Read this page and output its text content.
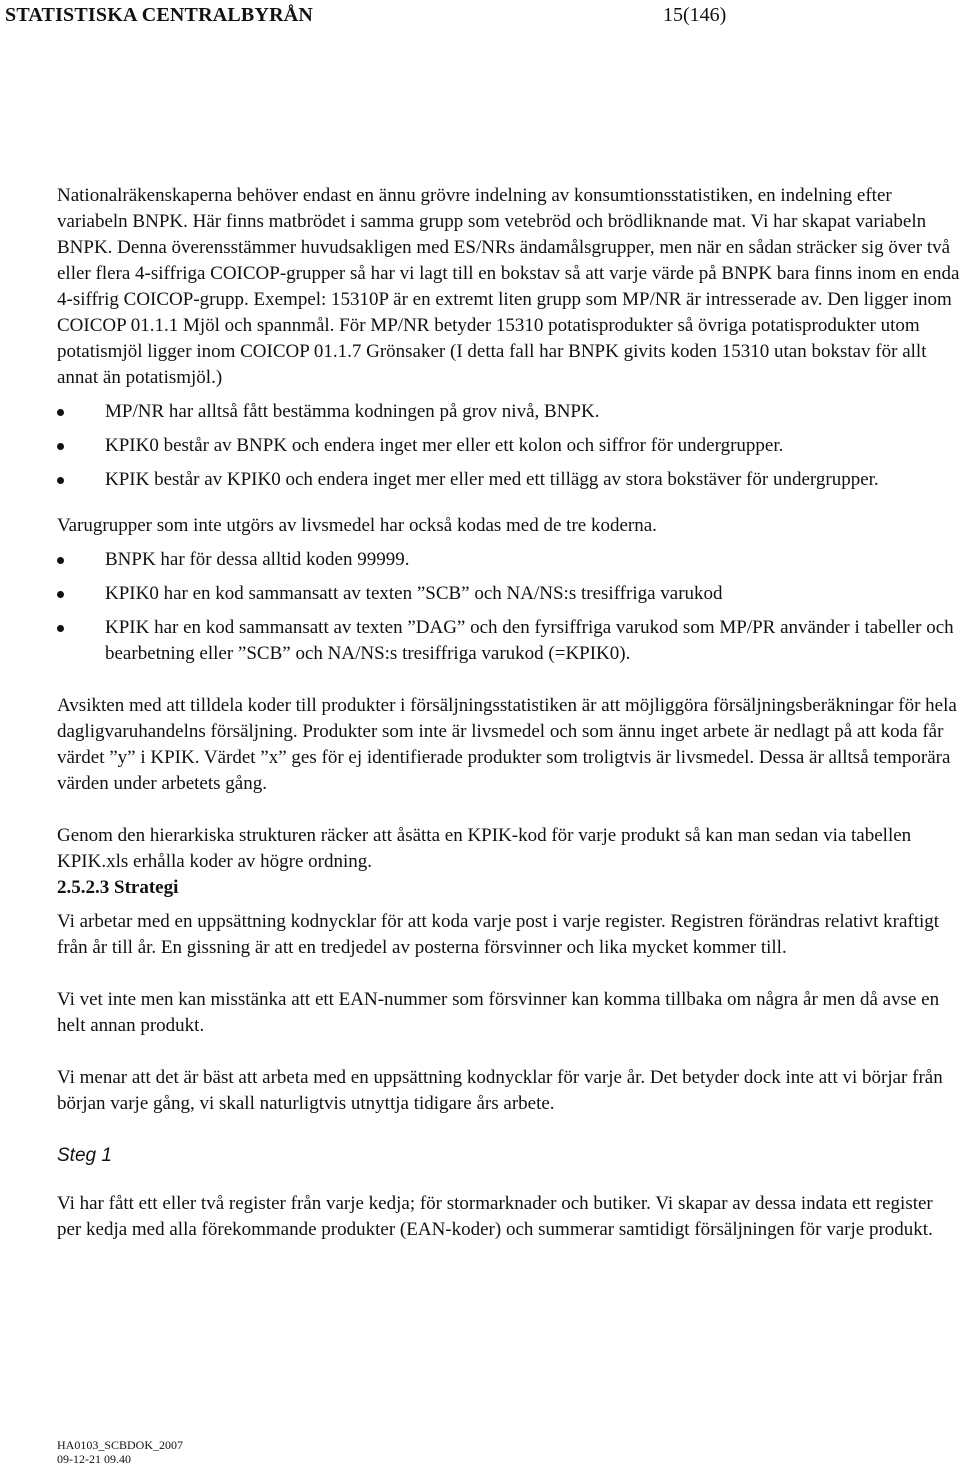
STATISTISKA CENTRALBYRÅN	15(146)

Nationalräkenskaperna behöver endast en ännu grövre indelning av konsumtionsstatistiken, en indelning efter variabeln BNPK. Här finns matbrödet i samma grupp som vetebröd och brödliknande mat. Vi har skapat variabeln BNPK. Denna överensstämmer huvudsakligen med ES/NRs ändamålsgrupper, men när en sådan sträcker sig över två eller flera 4-siffriga COICOP-grupper så har vi lagt till en bokstav så att varje värde på BNPK bara finns inom en enda 4-siffrig COICOP-grupp. Exempel: 15310P är en extremt liten grupp som MP/NR är intresserade av. Den ligger inom COICOP 01.1.1 Mjöl och spannmål. För MP/NR betyder 15310 potatisprodukter så övriga potatisprodukter utom potatismjöl ligger inom COICOP 01.1.7 Grönsaker (I detta fall har BNPK givits koden 15310 utan bokstav för allt annat än potatismjöl.)

MP/NR har alltså fått bestämma kodningen på grov nivå, BNPK.
KPIK0 består av BNPK och endera inget mer eller ett kolon och siffror för undergrupper.
KPIK består av KPIK0 och endera inget mer eller med ett tillägg av stora bokstäver för undergrupper.

Varugrupper som inte utgörs av livsmedel har också kodas med de tre koderna.

BNPK har för dessa alltid koden 99999.
KPIK0 har en kod sammansatt av texten ”SCB” och NA/NS:s tresiffriga varukod
KPIK har en kod sammansatt av texten ”DAG” och den fyrsiffriga varukod som MP/PR använder i tabeller och bearbetning eller ”SCB” och NA/NS:s tresiffriga varukod (=KPIK0).

Avsikten med att tilldela koder till produkter i försäljningsstatistiken är att möjliggöra försäljningsberäkningar för hela dagligvaruhandelns försäljning. Produkter som inte är livsmedel och som ännu inget arbete är nedlagt på att koda får värdet ”y” i KPIK. Värdet ”x” ges för ej identifierade produkter som troligtvis är livsmedel. Dessa är alltså temporära värden under arbetets gång.

Genom den hierarkiska strukturen räcker att åsätta en KPIK-kod för varje produkt så kan man sedan via tabellen KPIK.xls erhålla koder av högre ordning.

2.5.2.3 Strategi

Vi arbetar med en uppsättning kodnycklar för att koda varje post i varje register. Registren förändras relativt kraftigt från år till år. En gissning är att en tredjedel av posterna försvinner och lika mycket kommer till.

Vi vet inte men kan misstänka att ett EAN-nummer som försvinner kan komma tillbaka om några år men då avse en helt annan produkt.

Vi menar att det är bäst att arbeta med en uppsättning kodnycklar för varje år. Det betyder dock inte att vi börjar från början varje gång, vi skall naturligtvis utnyttja tidigare års arbete.

Steg 1

Vi har fått ett eller två register från varje kedja; för stormarknader och butiker. Vi skapar av dessa indata ett register per kedja med alla förekommande produkter (EAN-koder) och summerar samtidigt försäljningen för varje produkt.

HA0103_SCBDOK_2007
09-12-21 09.40
